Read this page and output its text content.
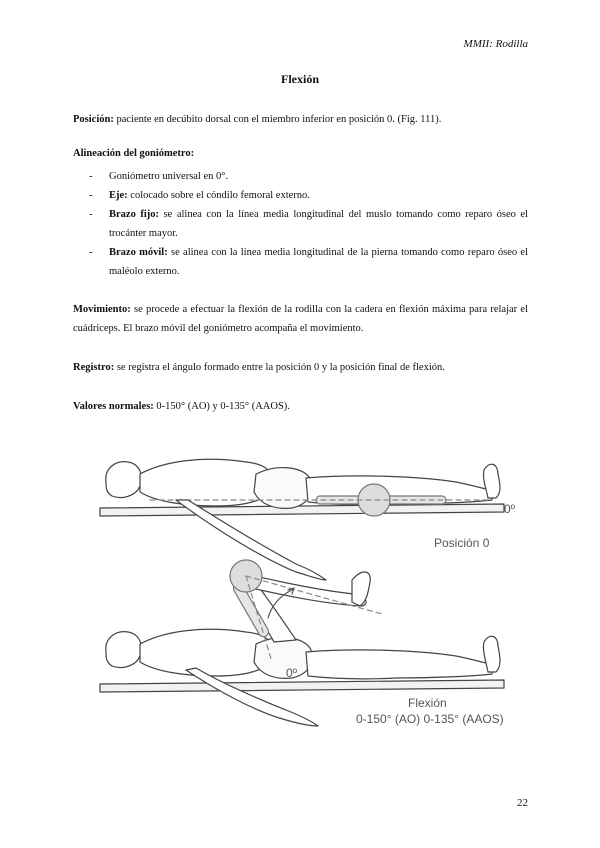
MMII: Rodilla
Flexión
Posición: paciente en decúbito dorsal con el miembro inferior en posición 0. (Fig. 111).
Alineación del goniómetro:
- Goniómetro universal en 0°.
- Eje: colocado sobre el cóndilo femoral externo.
- Brazo fijo: se alinea con la línea media longitudinal del muslo tomando como reparo óseo el trocánter mayor.
- Brazo móvil: se alinea con la línea media longitudinal de la pierna tomando como reparo óseo el maléolo externo.
Movimiento: se procede a efectuar la flexión de la rodilla con la cadera en flexión máxima para relajar el cuádriceps. El brazo móvil del goniómetro acompaña el movimiento.
Registro: se registra el ángulo formado entre la posición 0 y la posición final de flexión.
Valores normales: 0-150° (AO) y 0-135° (AAOS).
0º
Posición 0
0º
Flexión
0-150° (AO) 0-135° (AAOS)
22
